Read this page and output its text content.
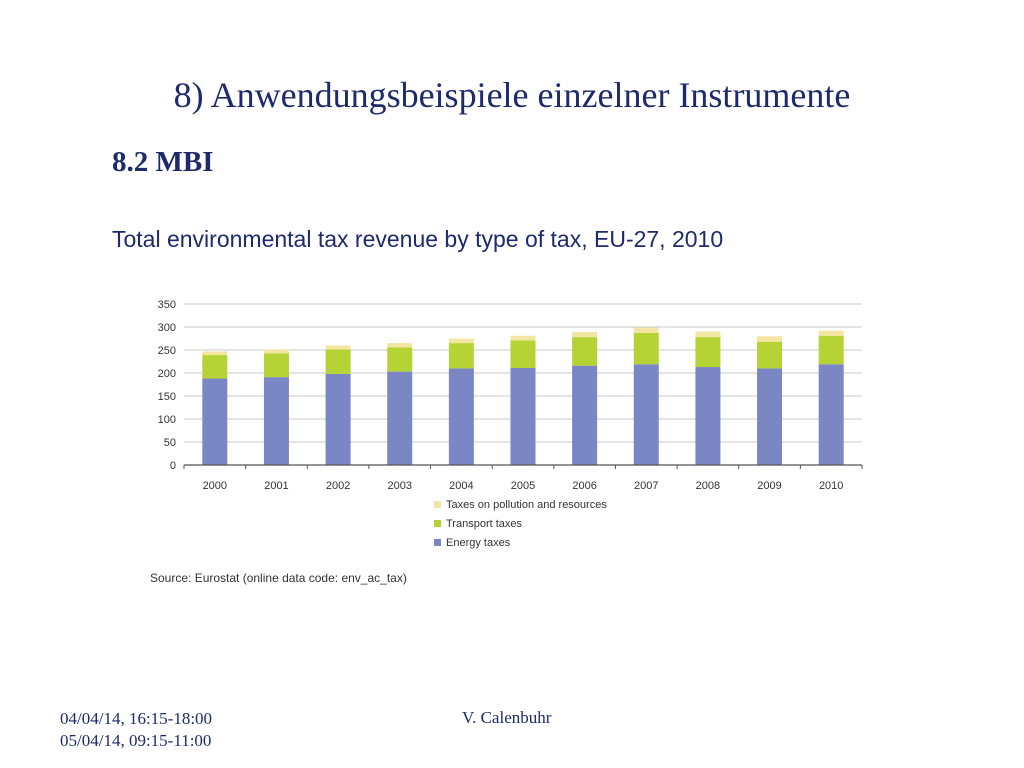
8) Anwendungsbeispiele einzelner Instrumente
8.2 MBI
Total environmental tax revenue by type of tax, EU-27, 2010
0
50
100
150
200
250
300
350
2000	2001	2002	2003	2004	2005	2006	2007	2008	2009	2010
Taxes on pollution and resources
Transport taxes
Energy taxes
Source: Eurostat (online data code: env_ac_tax)
04/04/14, 16:15-18:00
05/04/14, 09:15-11:00
V. Calenbuhr
